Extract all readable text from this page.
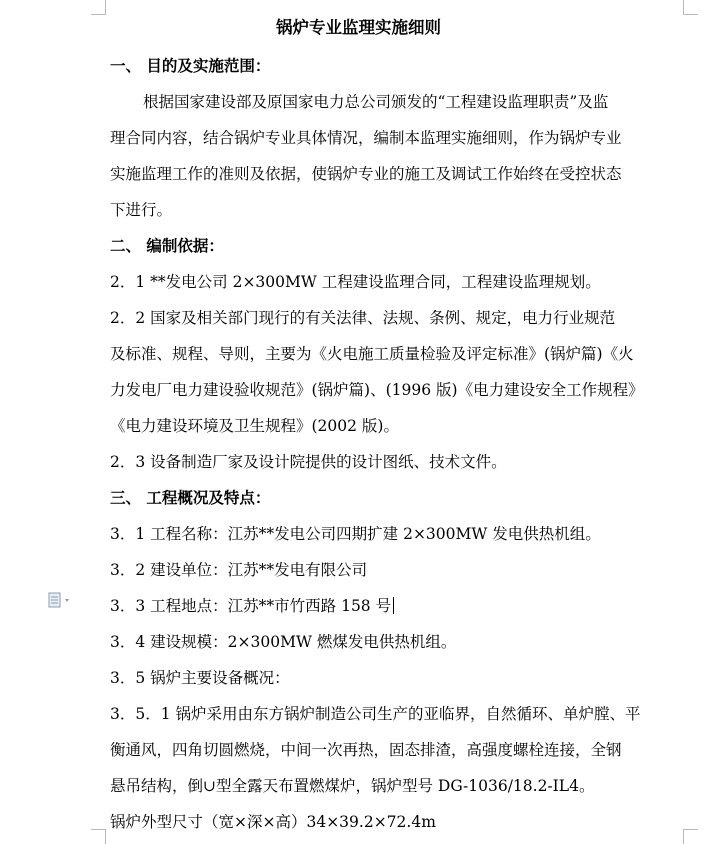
锅炉专业监理实施细则
一、 目的及实施范围：
根据国家建设部及原国家电力总公司颁发的“工程建设监理职责”及监
理合同内容，结合锅炉专业具体情况，编制本监理实施细则，作为锅炉专业
实施监理工作的准则及依据，使锅炉专业的施工及调试工作始终在受控状态
下进行。
二、 编制依据：
2．1 **发电公司 2×300MW 工程建设监理合同，工程建设监理规划。
2．2 国家及相关部门现行的有关法律、法规、条例、规定，电力行业规范
及标准、规程、导则，主要为《火电施工质量检验及评定标准》(锅炉篇)《火
力发电厂电力建设验收规范》(锅炉篇)、(1996 版)《电力建设安全工作规程》
《电力建设环境及卫生规程》(2002 版)。
2．3 设备制造厂家及设计院提供的设计图纸、技术文件。
三、 工程概况及特点：
3．1 工程名称：江苏**发电公司四期扩建 2×300MW 发电供热机组。
3．2 建设单位：江苏**发电有限公司
3．3 工程地点：江苏**市竹西路 158 号
3．4 建设规模：2×300MW 燃煤发电供热机组。
3．5 锅炉主要设备概况：
3．5．1 锅炉采用由东方锅炉制造公司生产的亚临界，自然循环、单炉膛、平
衡通风，四角切圆燃烧，中间一次再热，固态排渣，高强度螺栓连接，全钢
悬吊结构，倒∪型全露天布置燃煤炉，锅炉型号 DG-1036/18.2-IL4。
锅炉外型尺寸（宽×深×高）34×39.2×72.4m
